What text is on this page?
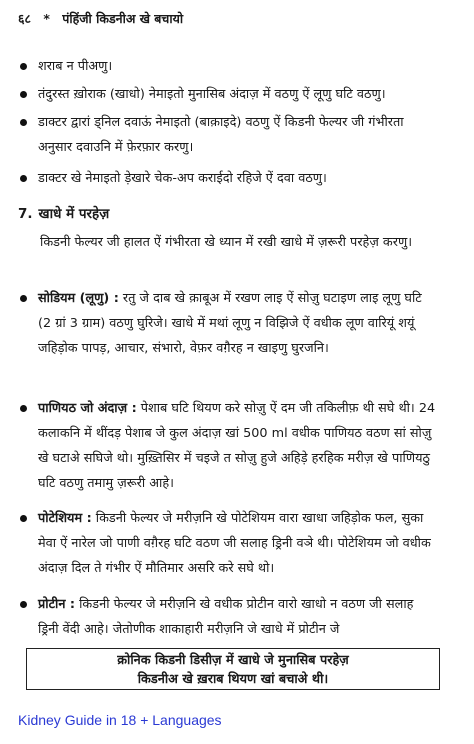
६८ * पंहिंजी किडनीअ खे बचायो
शराब न पीअणु।
तंदुरस्त ख़ोराक (खाधो) नेमाइतो मुनासिब अंदाज़ में वठणु ऐं लूणु घटि वठणु।
डाक्टर द्वारां ड्निल दवाऊं नेमाइतो (बाक़ाइदे) वठणु ऐं किडनी फेल्यर जी गंभीरता अनुसार दवाउनि में फ़ेरफ़ार करणु।
डाक्टर खे नेमाइतो ड़ेखारे चेक-अप कराईदो रहिजे ऐं दवा वठणु।
7. खाधे में परहेज़
किडनी फेल्यर जी हालत ऐं गंभीरता खे ध्यान में रखी खाधे में ज़रूरी परहेज़ करणु।
सोडियम (लूणु) : रतु जे दाब खे क़ाबूअ में रखण लाइ ऐं सोज़ु घटाइण लाइ लूणु घटि (2 ग्रां 3 ग्राम) वठणु घुरिजे। खाधे में मथां लूणु न विझिजे ऐं वधीक लूण वारियूं शयूं जहिड़ोक पापड़, आचार, संभारो, वेफ़र वग़ैरह न खाइणु घुरजनि।
पाणियठ जो अंदाज़ : पेशाब घटि थियण करे सोज़ु ऐं दम जी तकिलीफ़ थी सघे थी। 24 कलाकनि में थींदड़ पेशाब जे कुल अंदाज़ खां 500 ml वधीक पाणियठ वठण सां सोज़ु खे घटाअे सघिजे थो। मुख़्तिसिर में चइजे त सोज़ु हुजे अहिड़े हरहिक मरीज़ खे पाणियठु घटि वठणु तमामु ज़रूरी आहे।
पोटेशियम : किडनी फेल्यर जे मरीज़नि खे पोटेशियम वारा खाधा जहिड़ोक फल, सुका मेवा ऐं नारेल जो पाणी वग़ैरह घटि वठण जी सलाह ड्रिनी वञे थी। पोटेशियम जो वधीक अंदाज़ दिल ते गंभीर ऐं मौतिमार असरि करे सघे थो।
प्रोटीन : किडनी फेल्यर जे मरीज़नि खे वधीक प्रोटीन वारो खाधो न वठण जी सलाह ड्रिनी वेंदी आहे। जेतोणीक शाकाहारी मरीज़नि जे खाधे में प्रोटीन जे
क्रोनिक किडनी डिसीज़ में खाधे जे मुनासिब परहेज़
किडनीअ खे ख़राब थियण खां बचाअे थी।
Kidney Guide in 18 + Languages
